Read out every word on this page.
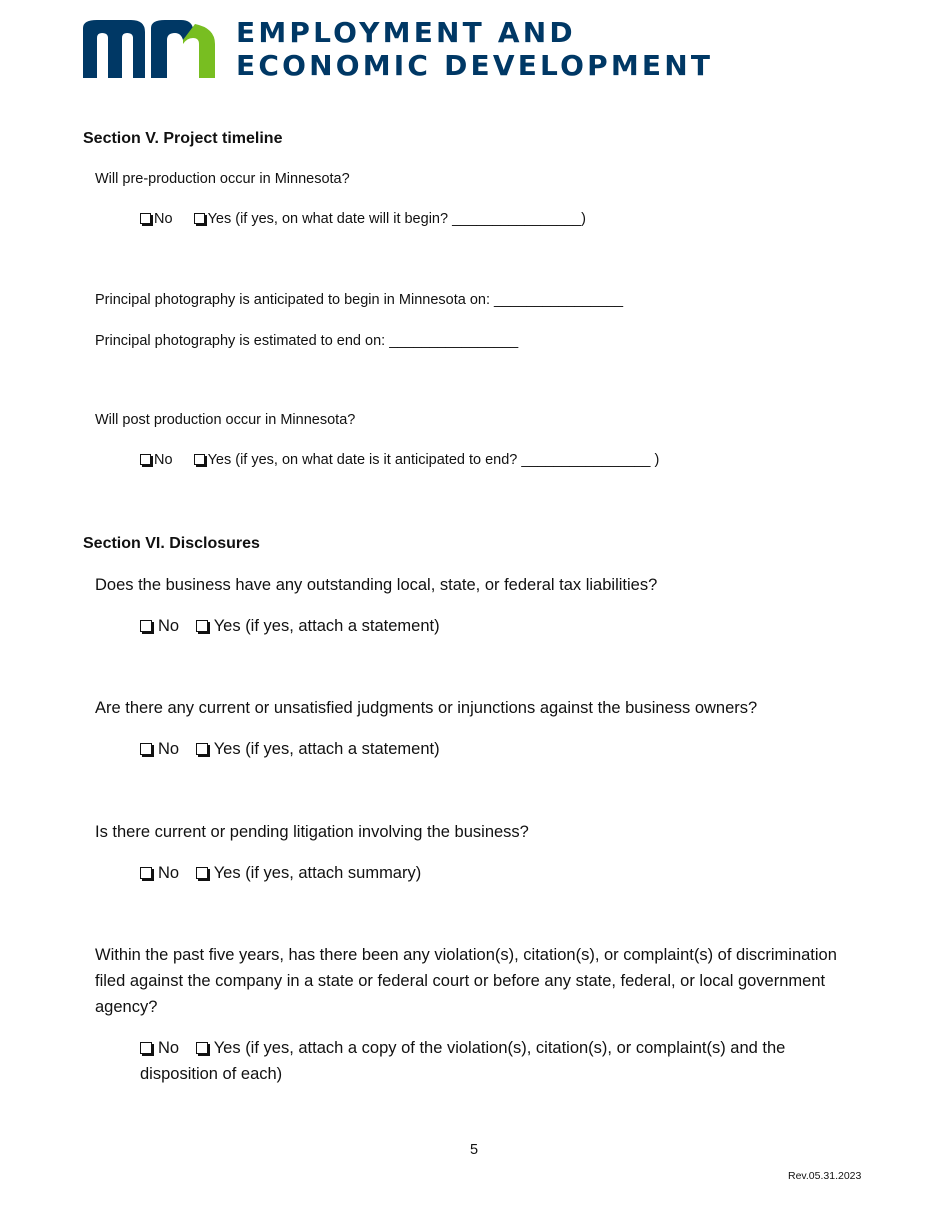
EMPLOYMENT AND
ECONOMIC DEVELOPMENT
Section V. Project timeline
Will pre-production occur in Minnesota?
No Yes (if yes, on what date will it begin? ________________)
Principal photography is anticipated to begin in Minnesota on: ________________
Principal photography is estimated to end on: ________________
Will post production occur in Minnesota?
No Yes (if yes, on what date is it anticipated to end? ________________ )
Section VI. Disclosures
Does the business have any outstanding local, state, or federal tax liabilities?
No Yes (if yes, attach a statement)
Are there any current or unsatisfied judgments or injunctions against the business owners?
No Yes (if yes, attach a statement)
Is there current or pending litigation involving the business?
No Yes (if yes, attach summary)
Within the past five years, has there been any violation(s), citation(s), or complaint(s) of discrimination filed against the company in a state or federal court or before any state, federal, or local government agency?
No Yes (if yes, attach a copy of the violation(s), citation(s), or complaint(s) and the disposition of each)
5
Rev.05.31.2023
